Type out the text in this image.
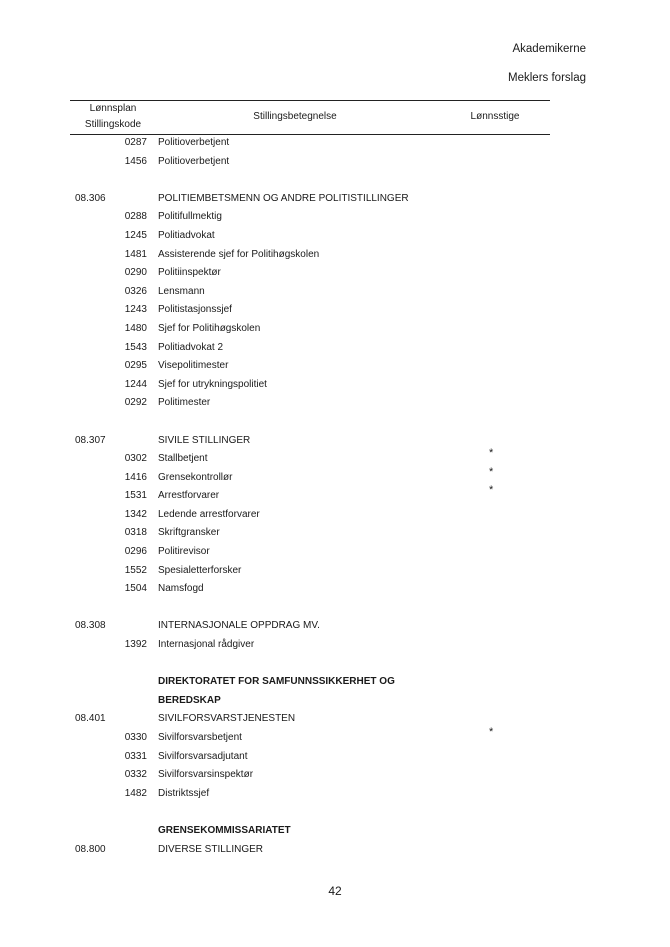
Akademikerne
Meklers forslag
Lønnsplan
Stillingskode
Stillingsbetegnelse	Lønnsstige
0287 Politioverbetjent
1456 Politioverbetjent
08.306	POLITIEMBETSMENN OG ANDRE POLITISTILLINGER
0288 Politifullmektig
1245 Politiadvokat
1481 Assisterende sjef for Politihøgskolen
0290 Politiinspektør
0326 Lensmann
1243 Politistasjonssjef
1480 Sjef for Politihøgskolen
1543 Politiadvokat 2
0295 Visepolitimester
1244 Sjef for utrykningspolitiet
0292 Politimester
08.307	SIVILE STILLINGER
0302 Stallbetjent	*
1416 Grensekontrollør	*
1531 Arrestforvarer	*
1342 Ledende arrestforvarer
0318 Skriftgransker
0296 Politirevisor
1552 Spesialetterforsker
1504 Namsfogd
08.308	INTERNASJONALE OPPDRAG MV.
1392 Internasjonal rådgiver
DIREKTORATET FOR SAMFUNNSSIKKERHET OG
BEREDSKAP
08.401	SIVILFORSVARSTJENESTEN
0330 Sivilforsvarsbetjent	*
0331 Sivilforsvarsadjutant
0332 Sivilforsvarsinspektør
1482 Distriktssjef
GRENSEKOMMISSARIATET
08.800	DIVERSE STILLINGER
42
